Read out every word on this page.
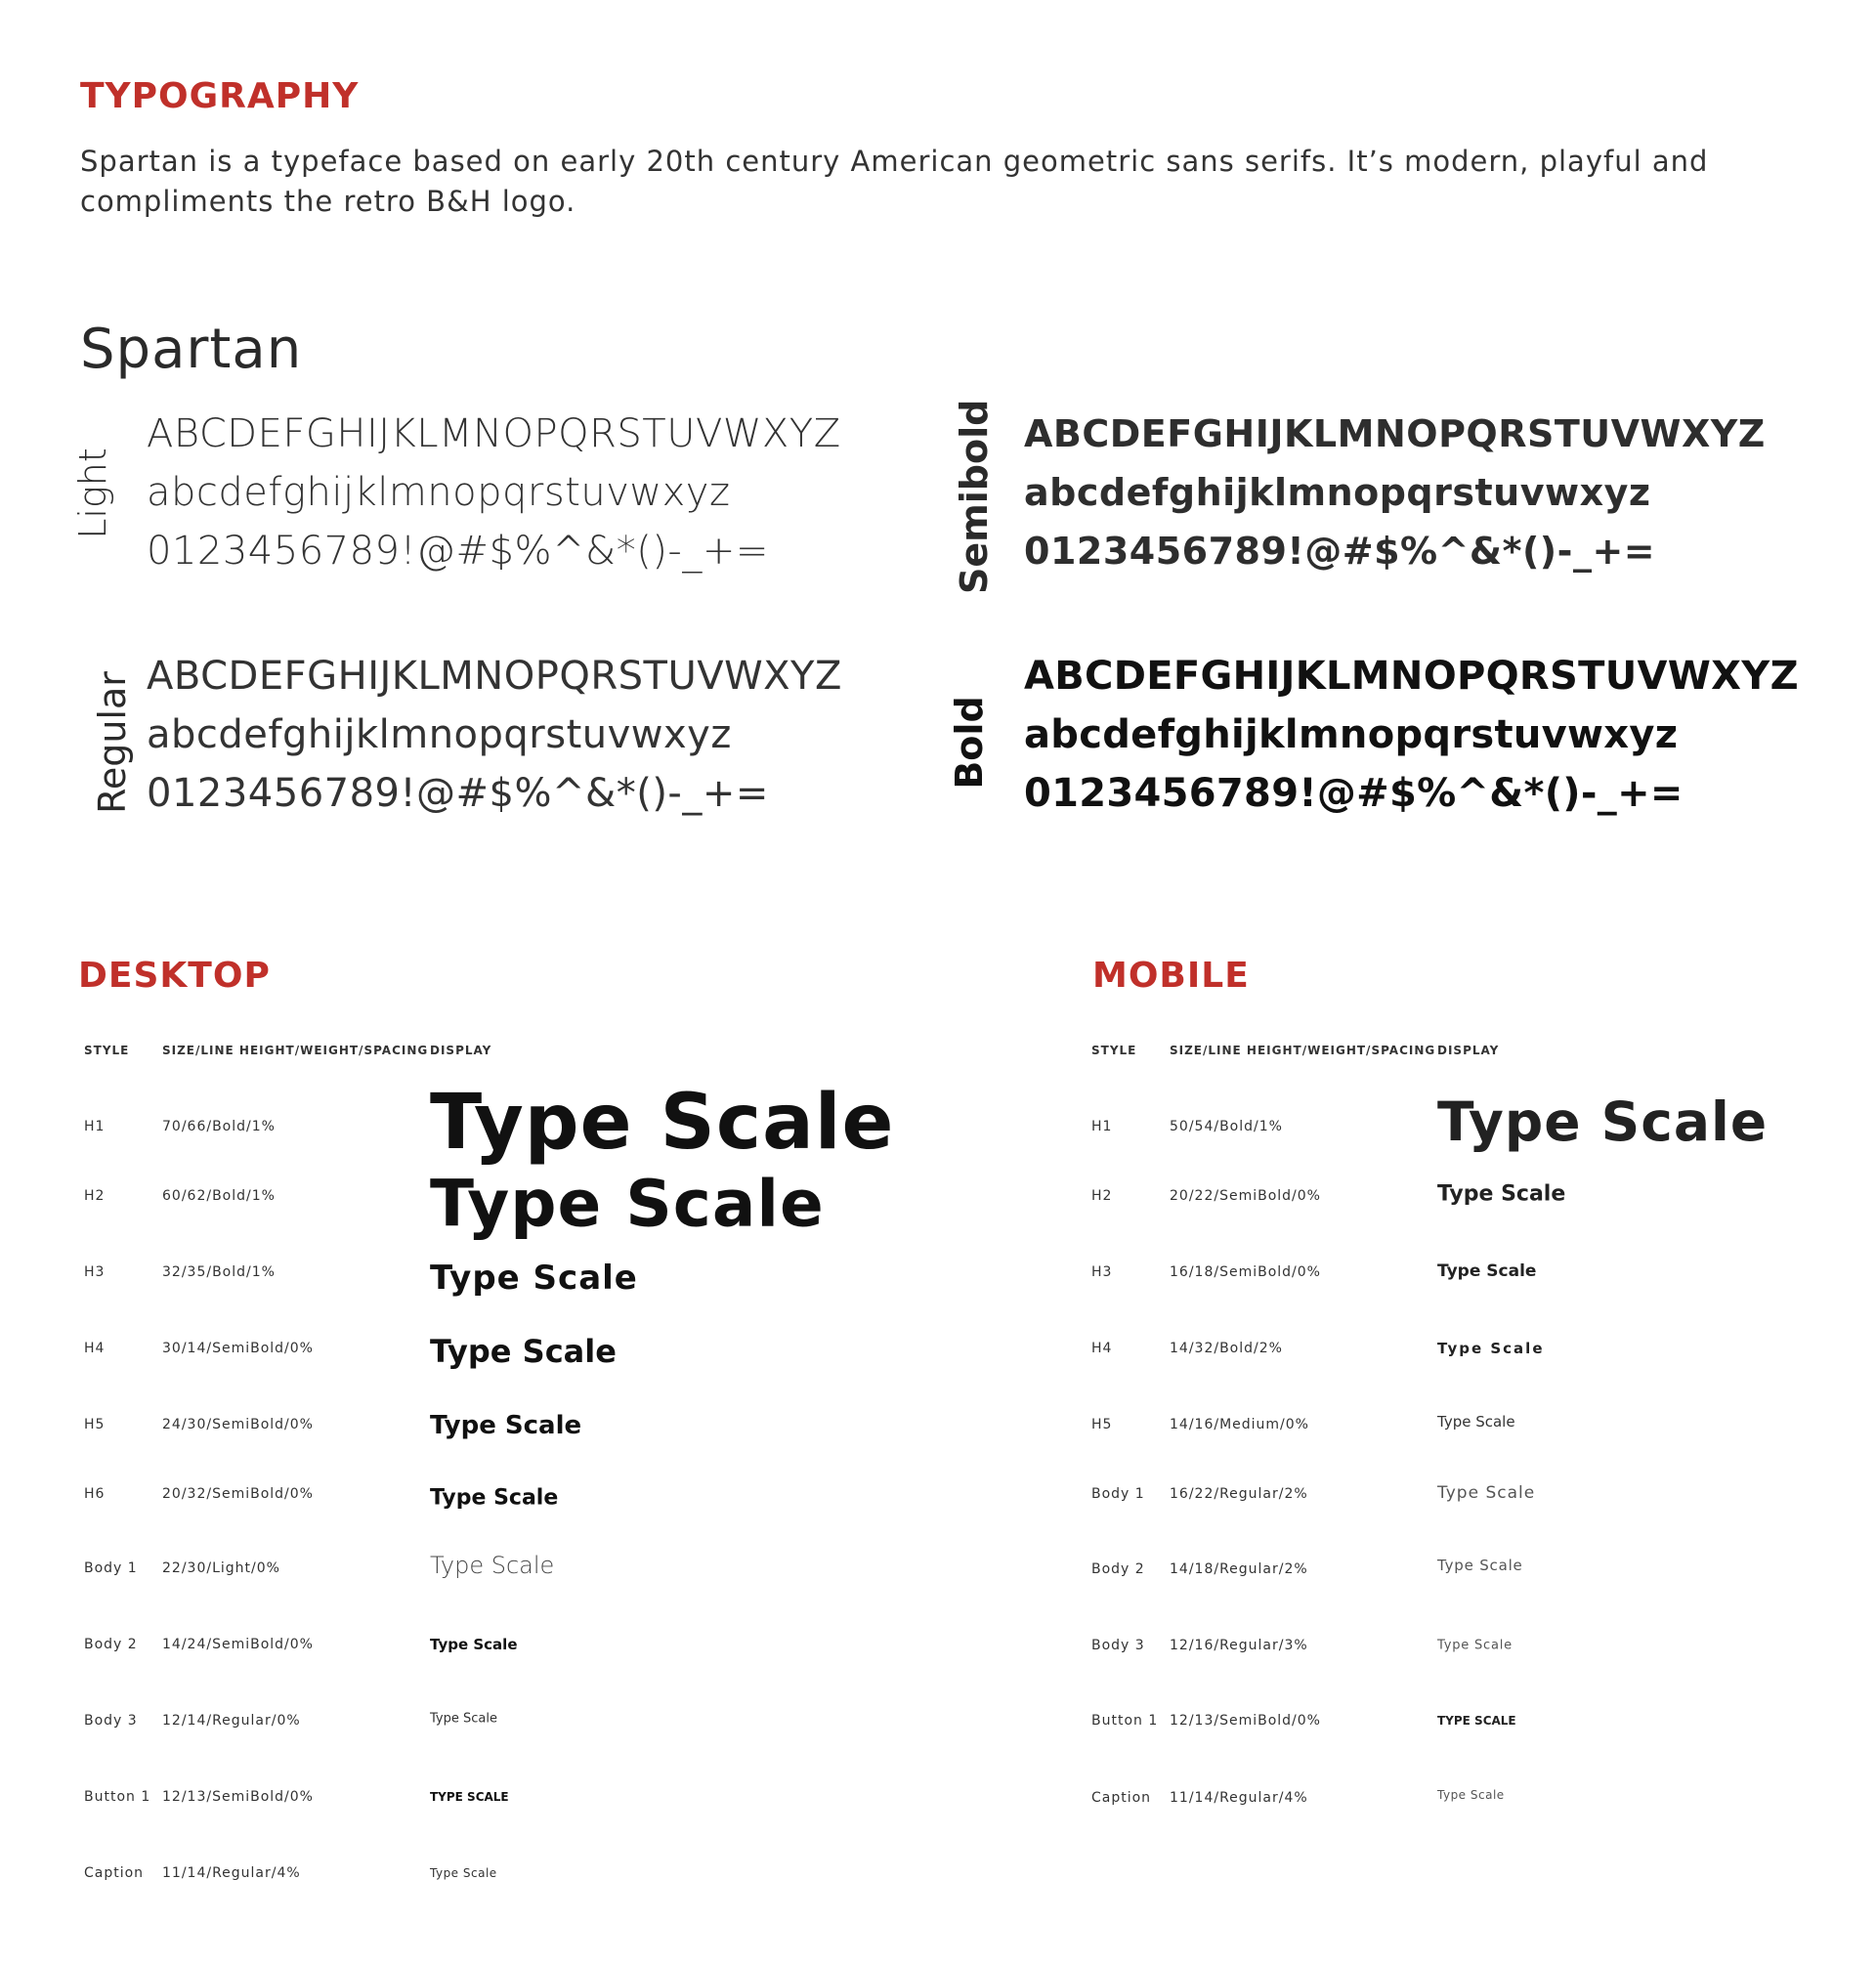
TYPOGRAPHY
Spartan is a typeface based on early 20th century American geometric sans serifs. It’s modern, playful and compliments the retro B&H logo.
Spartan
Light
ABCDEFGHIJKLMNOPQRSTUVWXYZ
abcdefghijklmnopqrstuvwxyz
0123456789!@#$%^&*()-_+=
Regular ABCDEFGHIJKLMNOPQRSTUVWXYZ
abcdefghijklmnopqrstuvwxyz
0123456789!@#$%^&*()-_+=
Semibold ABCDEFGHIJKLMNOPQRSTUVWXYZ
abcdefghijklmnopqrstuvwxyz
0123456789!@#$%^&*()-_+=
Bold
ABCDEFGHIJKLMNOPQRSTUVWXYZ
abcdefghijklmnopqrstuvwxyz
0123456789!@#$%^&*()-_+=
DESKTOP
STYLE	SIZE/LINE HEIGHT/WEIGHT/SPACING DISPLAY
H1	70/66/Bold/1% Type Scale
H2	60/62/Bold/1% Type Scale
H3	32/35/Bold/1%	Type Scale
H4	30/14/SemiBold/0%	Type Scale
H5	24/30/SemiBold/0%	Type Scale
H6	20/32/SemiBold/0%	Type Scale
Body 1 22/30/Light/0%	Type Scale
Body 2 14/24/SemiBold/0%	Type Scale
Body 3 12/14/Regular/0%	Type Scale
Button 1 12/13/SemiBold/0%	TYPE SCALE
Caption 11/14/Regular/4%	Type Scale
MOBILE
STYLE	SIZE/LINE HEIGHT/WEIGHT/SPACING DISPLAY
H1	50/54/Bold/1%	Type Scale
H2	20/22/SemiBold/0%	Type Scale
H3	16/18/SemiBold/0%	Type Scale
H4	14/32/Bold/2%	Type Scale
H5	14/16/Medium/0%	Type Scale
Body 1 16/22/Regular/2%	Type Scale
Body 2 14/18/Regular/2%	Type Scale
Body 3 12/16/Regular/3%	Type Scale
Button 1 12/13/SemiBold/0%	TYPE SCALE
Caption 11/14/Regular/4%	Type Scale
